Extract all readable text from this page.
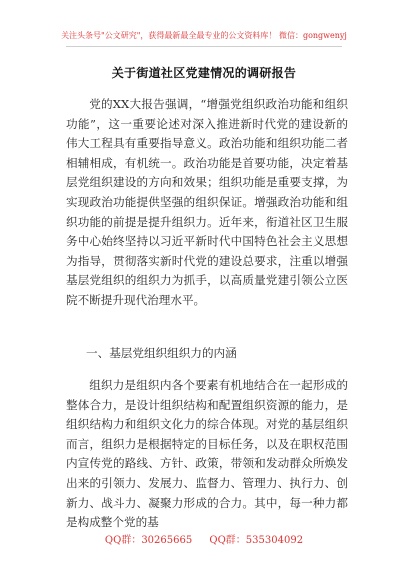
关注头条号"公文研究"，获得最新最全最专业的公文资料库！ 微信：gongwenyj
关于街道社区党建情况的调研报告

党的XX大报告强调，“增强党组织政治功能和组织功能”，这一重要论述对深入推进新时代党的建设新的伟大工程具有重要指导意义。政治功能和组织功能二者相辅相成，有机统一。政治功能是首要功能，决定着基层党组织建设的方向和效果；组织功能是重要支撑，为实现政治功能提供坚强的组织保证。增强政治功能和组织功能的前提是提升组织力。近年来，衔道社区卫生服务中心始终坚持以习近平新时代中国特色社会主义思想为指导，贯彻落实新时代党的建设总要求，注重以增强基层党组织的组织力为抓手，以高质量党建引领公立医院不断提升现代治理水平。

一、基层党组织组织力的内涵

组织力是组织内各个要素有机地结合在一起形成的整体合力，是设计组织结构和配置组织资源的能力，是组织结构力和组织文化力的综合体现。对党的基层组织而言，组织力是根据特定的目标任务，以及在职权范围内宣传党的路线、方针、政策，带领和发动群众所焕发出来的引领力、发展力、监督力、管理力、执行力、创新力、战斗力、凝聚力形成的合力。其中，每一种力都是构成整个党的基

QQ群：30265665 QQ群：535304092
